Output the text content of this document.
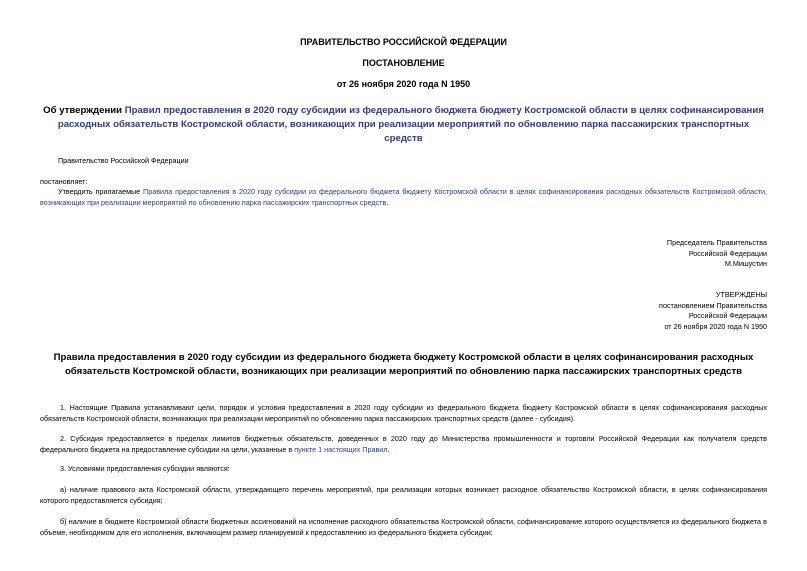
ПРАВИТЕЛЬСТВО РОССИЙСКОЙ ФЕДЕРАЦИИ
ПОСТАНОВЛЕНИЕ
от 26 ноября 2020 года N 1950
Об утверждении Правил предоставления в 2020 году субсидии из федерального бюджета бюджету Костромской области в целях софинансирования расходных обязательств Костромской области, возникающих при реализации мероприятий по обновлению парка пассажирских транспортных средств
Правительство Российской Федерации
постановляет:
Утвердить прилагаемые Правила предоставления в 2020 году субсидии из федерального бюджета бюджету Костромской области в целях софинансирования расходных обязательств Костромской области, возникающих при реализации мероприятий по обновлению парка пассажирских транспортных средств.
Председатель Правительства
Российской Федерации
М.Мишустин
УТВЕРЖДЕНЫ
постановлением Правительства
Российской Федерации
от 26 ноября 2020 года N 1950
Правила предоставления в 2020 году субсидии из федерального бюджета бюджету Костромской области в целях софинансирования расходных обязательств Костромской области, возникающих при реализации мероприятий по обновлению парка пассажирских транспортных средств
1. Настоящие Правила устанавливают цели, порядок и условия предоставления в 2020 году субсидии из федерального бюджета бюджету Костромской области в целях софинансирования расходных обязательств Костромской области, возникающих при реализации мероприятий по обновлению парка пассажирских транспортных средств (далее - субсидия).
2. Субсидия предоставляется в пределах лимитов бюджетных обязательств, доведенных в 2020 году до Министерства промышленности и торговли Российской Федерации как получателя средств федерального бюджета на предоставление субсидии на цели, указанные в пункте 1 настоящих Правил.
3. Условиями предоставления субсидии являются:
а) наличие правового акта Костромской области, утверждающего перечень мероприятий, при реализации которых возникает расходное обязательство Костромской области, в целях софинансирования которого предоставляется субсидия;
б) наличие в бюджете Костромской области бюджетных ассигнований на исполнение расходного обязательства Костромской области, софинансирование которого осуществляется из федерального бюджета в объеме, необходимом для его исполнения, включающем размер планируемой к предоставлению из федерального бюджета субсидии;
